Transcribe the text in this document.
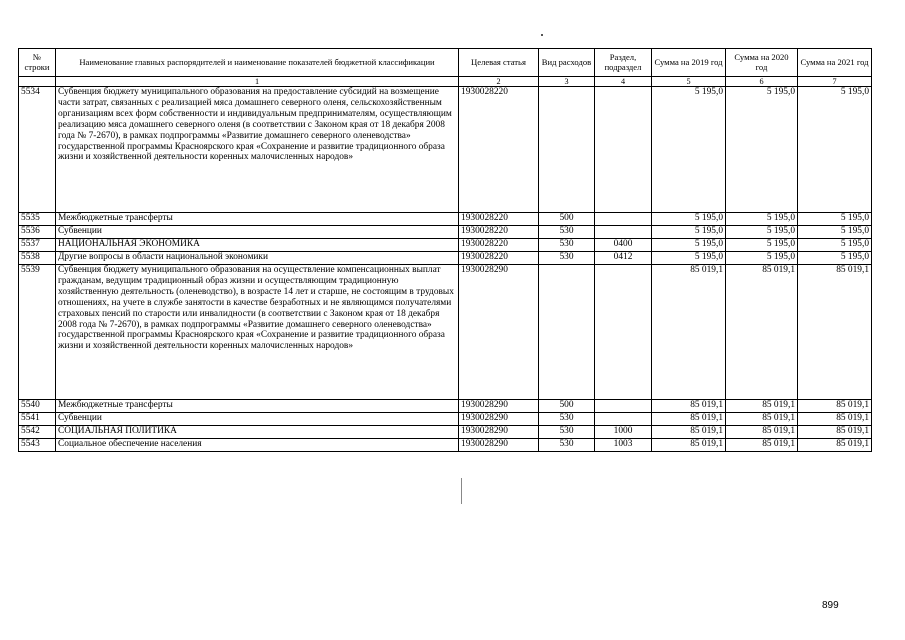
№ строки	Наименование главных распорядителей и наименование показателей бюджетной классификации	Целевая статья	Вид расходов	Раздел, подраздел	Сумма на 2019 год	Сумма на 2020 год	Сумма на 2021 год
	1	2	3	4	5	6	7
5534	Субвенция бюджету муниципального образования на предоставление субсидий на возмещение части затрат, связанных с реализацией мяса домашнего северного оленя, сельскохозяйственным организациям всех форм собственности и индивидуальным предпринимателям, осуществляющим реализацию мяса домашнего северного оленя (в соответствии с Законом края от 18 декабря 2008 года № 7-2670), в рамках подпрограммы «Развитие домашнего северного оленеводства» государственной программы Красноярского края «Сохранение и развитие традиционного образа жизни и хозяйственной деятельности коренных малочисленных народов»	1930028220			5 195,0	5 195,0	5 195,0
5535	Межбюджетные трансферты	1930028220	500		5 195,0	5 195,0	5 195,0
5536	Субвенции	1930028220	530		5 195,0	5 195,0	5 195,0
5537	НАЦИОНАЛЬНАЯ ЭКОНОМИКА	1930028220	530	0400	5 195,0	5 195,0	5 195,0
5538	Другие вопросы в области национальной экономики	1930028220	530	0412	5 195,0	5 195,0	5 195,0
5539	Субвенция бюджету муниципального образования на осуществление компенсационных выплат гражданам, ведущим традиционный образ жизни и осуществляющим традиционную хозяйственную деятельность (оленеводство), в возрасте 14 лет и старше, не состоящим в трудовых отношениях, на учете в службе занятости в качестве безработных и не являющимся получателями страховых пенсий по старости или инвалидности (в соответствии с Законом края от 18 декабря 2008 года № 7-2670), в рамках подпрограммы «Развитие домашнего северного оленеводства» государственной программы Красноярского края «Сохранение и развитие традиционного образа жизни и хозяйственной деятельности коренных малочисленных народов»	1930028290			85 019,1	85 019,1	85 019,1
5540	Межбюджетные трансферты	1930028290	500		85 019,1	85 019,1	85 019,1
5541	Субвенции	1930028290	530		85 019,1	85 019,1	85 019,1
5542	СОЦИАЛЬНАЯ ПОЛИТИКА	1930028290	530	1000	85 019,1	85 019,1	85 019,1
5543	Социальное обеспечение населения	1930028290	530	1003	85 019,1	85 019,1	85 019,1
899
